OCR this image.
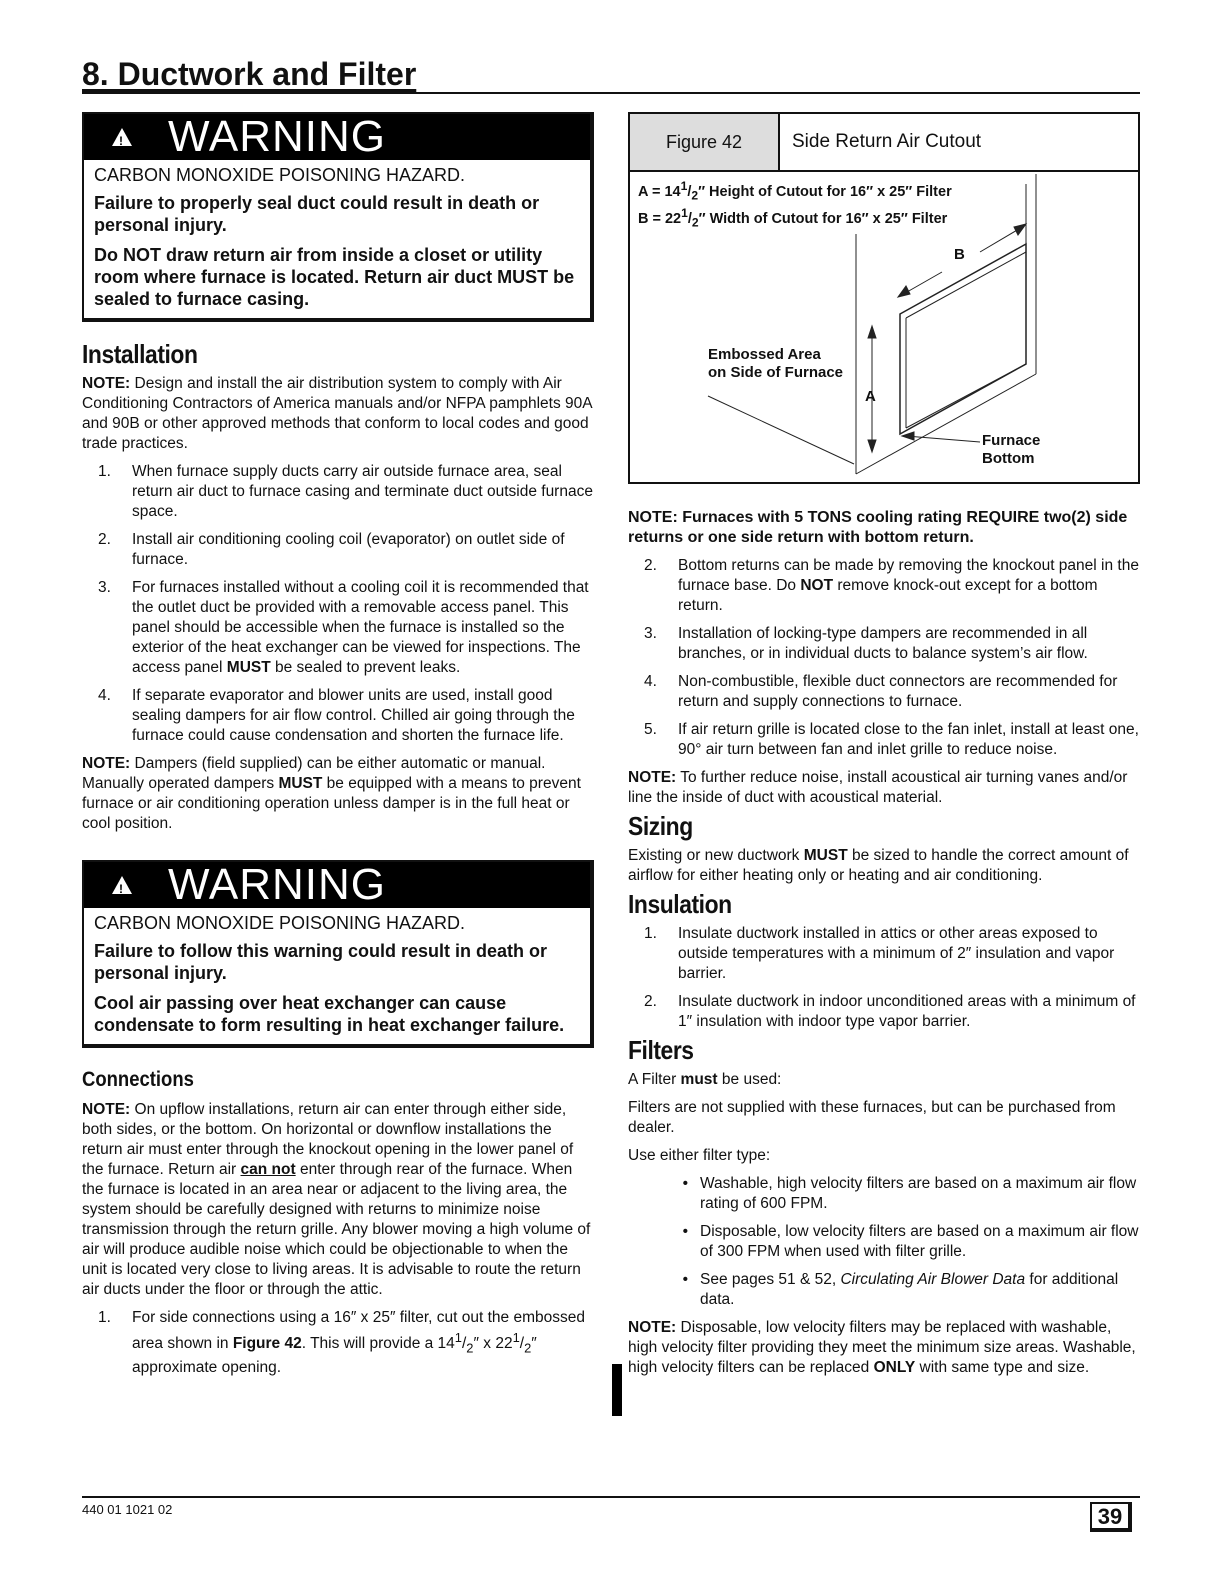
8. Ductwork and Filter
!
WARNING

CARBON MONOXIDE POISONING HAZARD.

Failure to properly seal duct could result in death or personal injury.

Do NOT draw return air from inside a closet or utility room where furnace is located. Return air duct MUST be sealed to furnace casing.

Installation

NOTE: Design and install the air distribution system to comply with Air Conditioning Contractors of America manuals and/or NFPA pamphlets 90A and 90B or other approved methods that conform to local codes and good trade practices.

1.	When furnace supply ducts carry air outside furnace area, seal return air duct to furnace casing and terminate duct outside furnace space.
2.	Install air conditioning cooling coil (evaporator) on outlet side of furnace.
3.	For furnaces installed without a cooling coil it is recommended that the outlet duct be provided with a removable access panel. This panel should be accessible when the furnace is installed so the exterior of the heat exchanger can be viewed for inspections. The access panel MUST be sealed to prevent leaks.
4.	If separate evaporator and blower units are used, install good sealing dampers for air flow control. Chilled air going through the furnace could cause condensation and shorten the furnace life.

NOTE: Dampers (field supplied) can be either automatic or manual. Manually operated dampers MUST be equipped with a means to prevent furnace or air conditioning operation unless damper is in the full heat or cool position.

!
WARNING

CARBON MONOXIDE POISONING HAZARD.

Failure to follow this warning could result in death or personal injury.

Cool air passing over heat exchanger can cause condensate to form resulting in heat exchanger failure.

Connections

NOTE: On upflow installations, return air can enter through either side, both sides, or the bottom. On horizontal or downflow installations the return air must enter through the knockout opening in the lower panel of the furnace. Return air can not enter through rear of the furnace. When the furnace is located in an area near or adjacent to the living area, the system should be carefully designed with returns to minimize noise transmission through the return grille. Any blower moving a high volume of air will produce audible noise which could be objectionable to when the unit is located very close to living areas. It is advisable to route the return air ducts under the floor or through the attic.

1.	For side connections using a 16″ x 25″ filter, cut out the embossed area shown in Figure 42. This will provide a $14^1/_2''$ x $22^1/_2''$ approximate opening.
Figure 42	Side Return Air Cutout
$A = 14^1/_2''$ Height of Cutout for 16″ x 25″ Filter
$B = 22^1/_2''$ Width of Cutout for 16″ x 25″ Filter
B
A
Embossed Area
on Side of Furnace
Furnace
Bottom

NOTE: Furnaces with 5 TONS cooling rating REQUIRE two(2) side returns or one side return with bottom return.

2.	Bottom returns can be made by removing the knockout panel in the furnace base. Do NOT remove knock-out except for a bottom return.
3.	Installation of locking-type dampers are recommended in all branches, or in individual ducts to balance system’s air flow.
4.	Non-combustible, flexible duct connectors are recommended for return and supply connections to furnace.
5.	If air return grille is located close to the fan inlet, install at least one, 90° air turn between fan and inlet grille to reduce noise.

NOTE: To further reduce noise, install acoustical air turning vanes and/or line the inside of duct with acoustical material.

Sizing

Existing or new ductwork MUST be sized to handle the correct amount of airflow for either heating only or heating and air conditioning.

Insulation
1.	Insulate ductwork installed in attics or other areas exposed to outside temperatures with a minimum of 2″ insulation and vapor barrier.
2.	Insulate ductwork in indoor unconditioned areas with a minimum of 1″ insulation with indoor type vapor barrier.
Filters

A Filter must be used:

Filters are not supplied with these furnaces, but can be purchased from dealer.

Use either filter type:

• Washable, high velocity filters are based on a maximum air flow rating of 600 FPM.
• Disposable, low velocity filters are based on a maximum air flow of 300 FPM when used with filter grille.
• See pages 51 & 52, Circulating Air Blower Data for additional data.

NOTE: Disposable, low velocity filters may be replaced with washable, high velocity filter providing they meet the minimum size areas. Washable, high velocity filters can be replaced ONLY with same type and size.

440 01 1021 02	39
